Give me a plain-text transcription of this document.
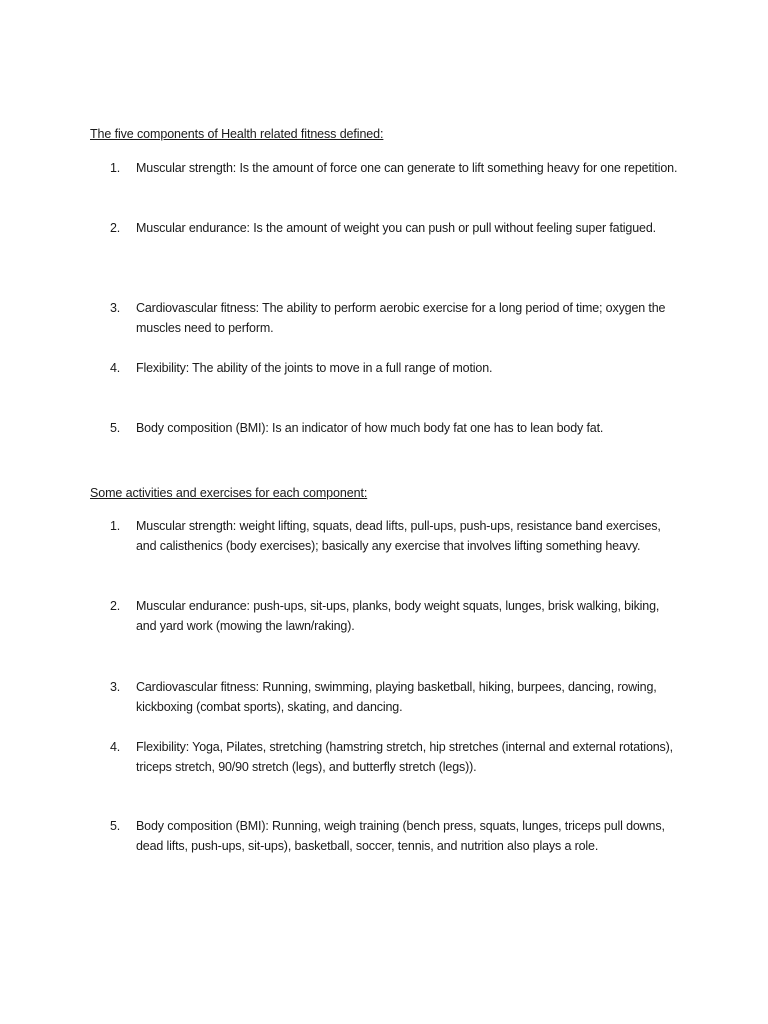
The five components of Health related fitness defined:
1.	Muscular strength: Is the amount of force one can generate to lift something heavy for one repetition.
2.	Muscular endurance: Is the amount of weight you can push or pull without feeling super fatigued.
3.	Cardiovascular fitness: The ability to perform aerobic exercise for a long period of time; oxygen the muscles need to perform.
4.	Flexibility: The ability of the joints to move in a full range of motion.
5.	Body composition (BMI): Is an indicator of how much body fat one has to lean body fat.
Some activities and exercises for each component:
1.	Muscular strength: weight lifting, squats, dead lifts, pull-ups, push-ups, resistance band exercises, and calisthenics (body exercises); basically any exercise that involves lifting something heavy.
2.	Muscular endurance: push-ups, sit-ups, planks, body weight squats, lunges, brisk walking, biking, and yard work (mowing the lawn/raking).
3.	Cardiovascular fitness: Running, swimming, playing basketball, hiking, burpees, dancing, rowing, kickboxing (combat sports), skating, and dancing.
4.	Flexibility: Yoga, Pilates, stretching (hamstring stretch, hip stretches (internal and external rotations), triceps stretch, 90/90 stretch (legs), and butterfly stretch (legs)).
5.	Body composition (BMI): Running, weigh training (bench press, squats, lunges, triceps pull downs, dead lifts, push-ups, sit-ups), basketball, soccer, tennis, and nutrition also plays a role.
